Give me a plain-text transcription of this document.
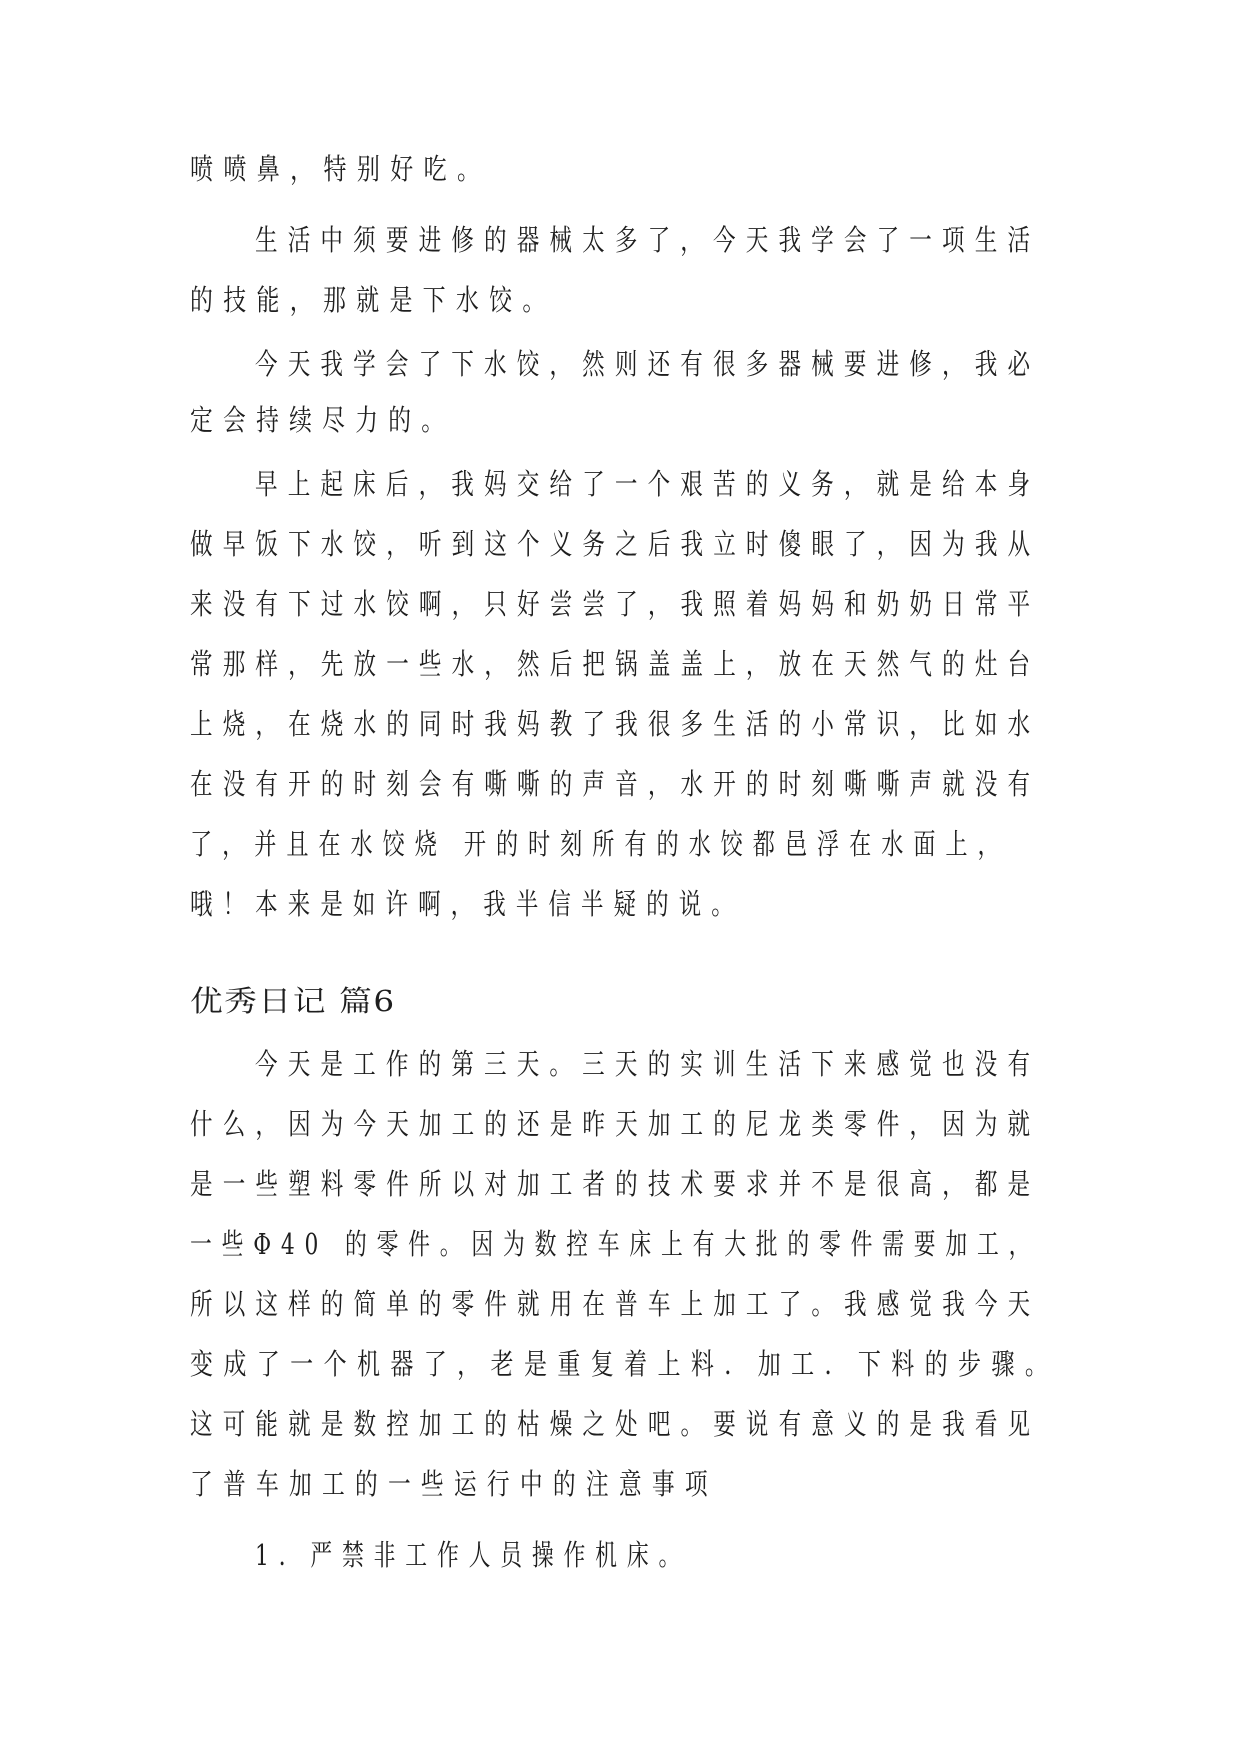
喷喷鼻，特别好吃。
生活中须要进修的器械太多了，今天我学会了一项生活
的技能，那就是下水饺。
今天我学会了下水饺，然则还有很多器械要进修，我必
定会持续尽力的。
早上起床后，我妈交给了一个艰苦的义务，就是给本身
做早饭下水饺，听到这个义务之后我立时傻眼了，因为我从
来没有下过水饺啊，只好尝尝了，我照着妈妈和奶奶日常平
常那样，先放一些水，然后把锅盖盖上，放在天然气的灶台
上烧，在烧水的同时我妈教了我很多生活的小常识，比如水
在没有开的时刻会有嘶嘶的声音，水开的时刻嘶嘶声就没有
了，并且在水饺烧 开的时刻所有的水饺都邑浮在水面上，
哦！本来是如许啊，我半信半疑的说。
优秀日记 篇6
今天是工作的第三天。三天的实训生活下来感觉也没有
什么，因为今天加工的还是昨天加工的尼龙类零件，因为就
是一些塑料零件所以对加工者的技术要求并不是很高，都是
一些Φ40 的零件。因为数控车床上有大批的零件需要加工，
所以这样的简单的零件就用在普车上加工了。我感觉我今天
变成了一个机器了，老是重复着上料．加工．下料的步骤。
这可能就是数控加工的枯燥之处吧。要说有意义的是我看见
了普车加工的一些运行中的注意事项
1．严禁非工作人员操作机床。
